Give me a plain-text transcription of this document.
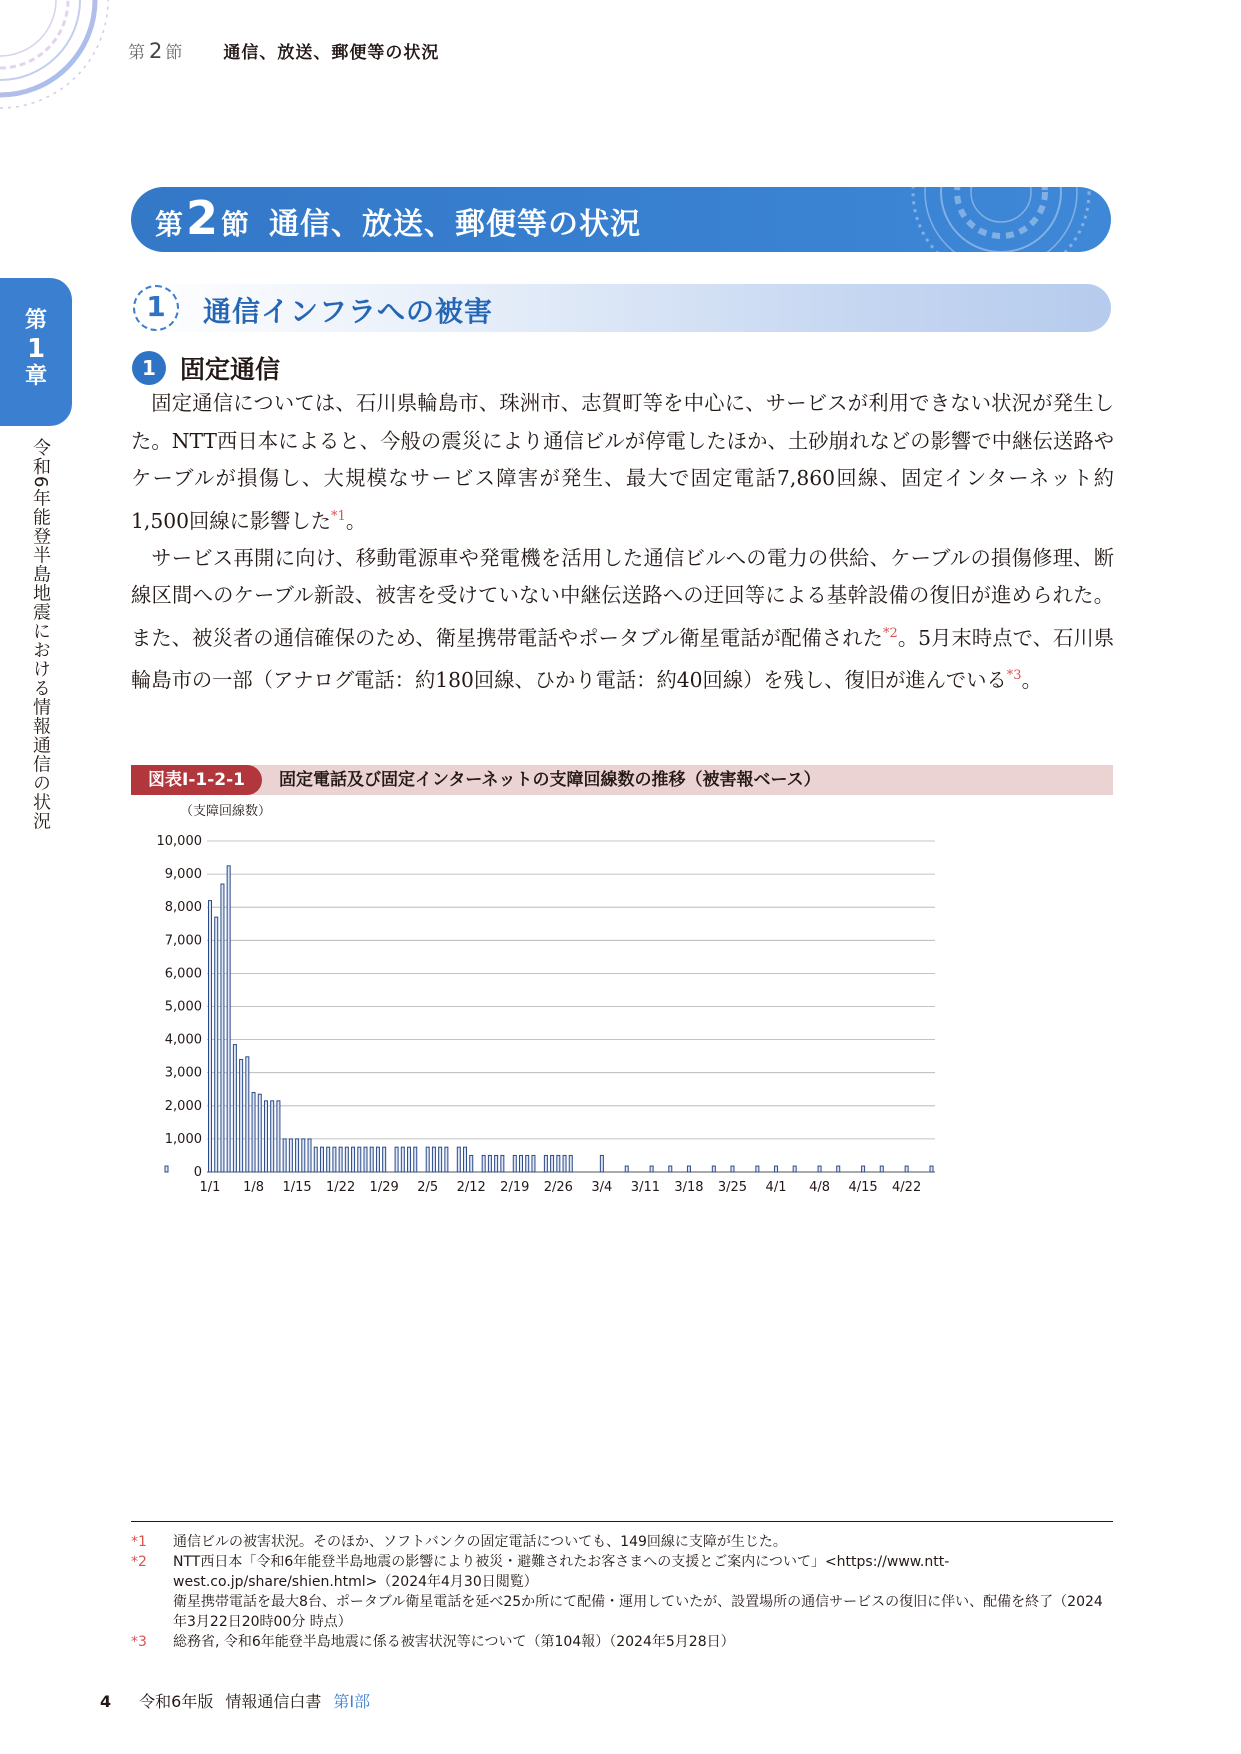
第 2 節 通信、放送、郵便等の状況
第
1
章
令和6年能登半島地震における情報通信の状況
第 2 節 通信、放送、郵便等の状況
1	通信インフラへの被害
1 固定通信

固定通信については、石川県輪島市、珠洲市、志賀町等を中心に、サービスが利用できない状況が発生した。NTT西日本によると、今般の震災により通信ビルが停電したほか、土砂崩れなどの影響で中継伝送路やケーブルが損傷し、大規模なサービス障害が発生、最大で固定電話7,860回線、固定インターネット約1,500回線に影響した$^{*1}$。

サービス再開に向け、移動電源車や発電機を活用した通信ビルへの電力の供給、ケーブルの損傷修理、断線区間へのケーブル新設、被害を受けていない中継伝送路への迂回等による基幹設備の復旧が進められた。また、被災者の通信確保のため、衛星携帯電話やポータブル衛星電話が配備された$^{*2}$。5月末時点で、石川県輪島市の一部（アナログ電話：約180回線、ひかり電話：約40回線）を残し、復旧が進んでいる$^{*3}$。

図表Ⅰ-1-2-1	固定電話及び固定インターネットの支障回線数の推移（被害報ベース）
（支障回線数）
0
1,000
2,000
3,000
4,000
5,000
6,000
7,000
8,000
9,000
10,000
1/1 1/8 1/15 1/22 1/29 2/5 2/12 2/19 2/26 3/4 3/11 3/18 3/25 4/1 4/8 4/15 4/22
*1	通信ビルの被害状況。そのほか、ソフトバンクの固定電話についても、149回線に支障が生じた。
*2	NTT西日本「令和6年能登半島地震の影響により被災・避難されたお客さまへの支援とご案内について」<https://www.ntt-west.co.jp/share/shien.html>（2024年4月30日閲覧）
衛星携帯電話を最大8台、ポータブル衛星電話を延べ25か所にて配備・運用していたが、設置場所の通信サービスの復旧に伴い、配備を終了（2024年3月22日20時00分 時点）
*3	総務省, 令和6年能登半島地震に係る被害状況等について（第104報）（2024年5月28日）
4 令和6年版 情報通信白書 第Ⅰ部
